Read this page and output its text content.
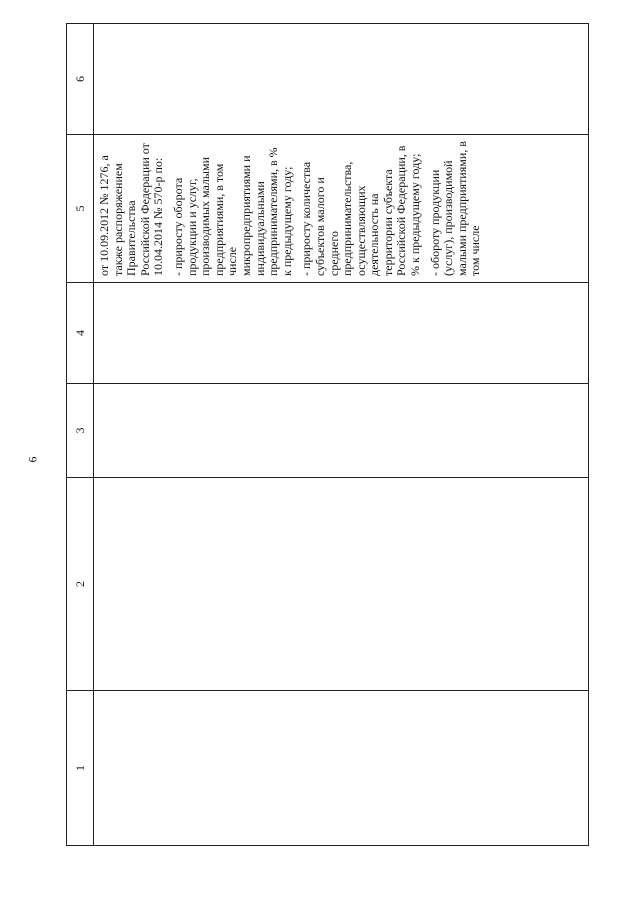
6
1	2	3	4	5	6

				от 10.09.2012 № 1276, а также распоряжением Правительства Российской Федерации от 10.04.2014 № 570-р по: - приросту оборота продукции и услуг, производимых малыми предприятиями, в том числе микропредприятиями и индивидуальными предпринимателями, в % к предыдущему году; - приросту количества субъектов малого и среднего предпринимательства, осуществляющих деятельность на территории субъекта Российской Федерации, в % к предыдущему году; - обороту продукции (услуг), производимой малыми предприятиями, в том числе	
